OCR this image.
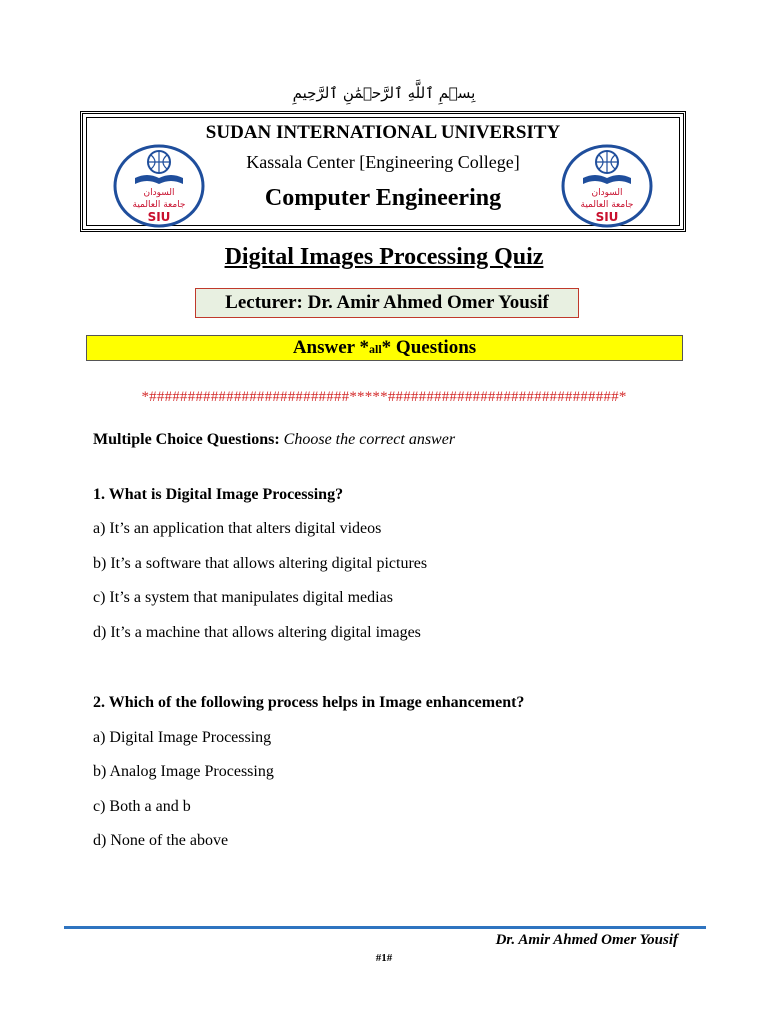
بِسۡمِ ٱللَّهِ ٱلرَّحۡمَٰنِ ٱلرَّحِيمِ
SUDAN INTERNATIONAL UNIVERSITY
Kassala Center [Engineering College]
Computer Engineering
السودان
جامعة العالمية
SIU
السودان
جامعة العالمية
SIU
Digital Images Processing Quiz
Lecturer: Dr. Amir Ahmed Omer Yousif
Answer *all* Questions
*##########################*****##############################*
Multiple Choice Questions: Choose the correct answer
1. What is Digital Image Processing?
a) It’s an application that alters digital videos
b) It’s a software that allows altering digital pictures
c) It’s a system that manipulates digital medias
d) It’s a machine that allows altering digital images
2. Which of the following process helps in Image enhancement?
a) Digital Image Processing
b) Analog Image Processing
c) Both a and b
d) None of the above
Dr. Amir Ahmed Omer Yousif
#1#
